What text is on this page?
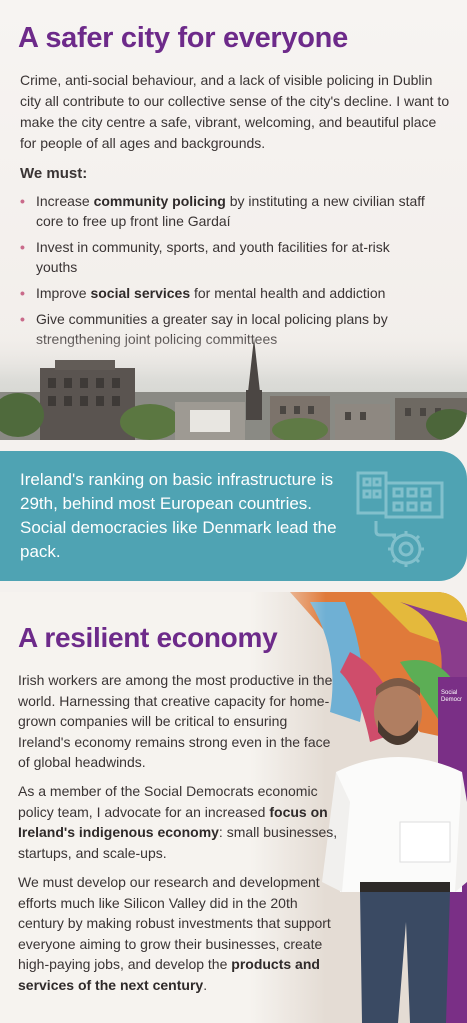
A safer city for everyone

Crime, anti-social behaviour, and a lack of visible policing in Dublin city all contribute to our collective sense of the city's decline. I want to make the city centre a safe, vibrant, welcoming, and beautiful place for people of all ages and backgrounds.

We must:
• Increase community policing by instituting a new civilian staff core to free up front line Gardaí
• Invest in community, sports, and youth facilities for at-risk youths
• Improve social services for mental health and addiction
• Give communities a greater say in local policing plans by

Ireland's ranking on basic infrastructure is 29th, behind most European countries. Social democracies like Denmark lead the pack.

A resilient economy

Irish workers are among the most productive in the world. Harnessing that creative capacity for home-grown companies will be critical to ensuring Ireland's economy remains strong even in the face of global headwinds.

As a member of the Social Democrats economic policy team, I advocate for an increased focus on Ireland's indigenous economy: small businesses, startups, and scale-ups.

We must develop our research and development efforts much like Silicon Valley did in the 20th century by making robust investments that support everyone aiming to grow their businesses, create high-paying jobs, and develop the products and services of the next century.
